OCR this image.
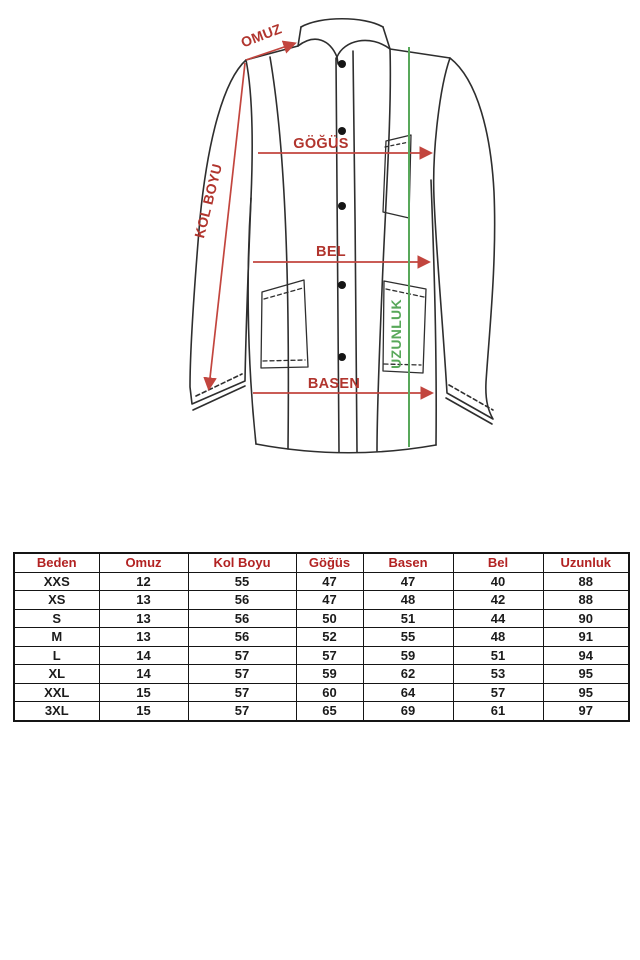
OMUZ
KOL BOYU
GÖĞÜS
BEL
BASEN
UZUNLUK
Beden	Omuz	Kol Boyu	Göğüs	Basen	Bel	Uzunluk
XXS	12	55	47	47	40	88
XS	13	56	47	48	42	88
S	13	56	50	51	44	90
M	13	56	52	55	48	91
L	14	57	57	59	51	94
XL	14	57	59	62	53	95
XXL	15	57	60	64	57	95
3XL	15	57	65	69	61	97
